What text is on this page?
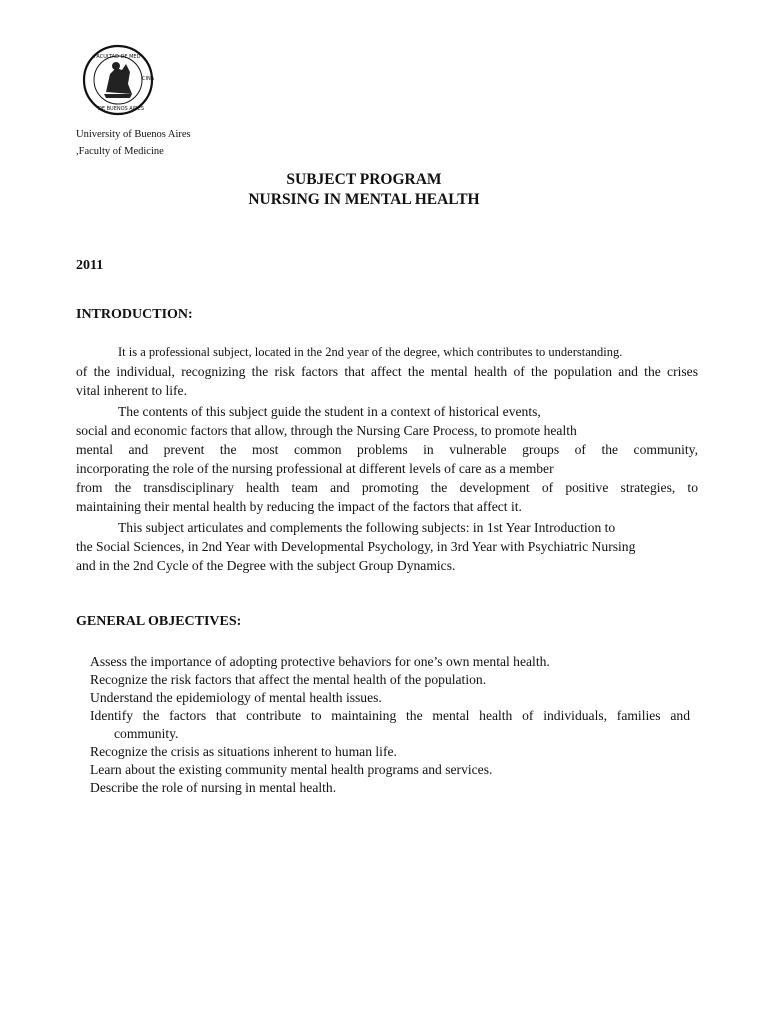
FACULTAD DE MED
DE BUENOS AIRES
CINA
University of Buenos Aires
,Faculty of Medicine
SUBJECT PROGRAM
NURSING IN MENTAL HEALTH
2011
INTRODUCTION:
It is a professional subject, located in the 2nd year of the degree, which contributes to understanding.
of the individual, recognizing the risk factors that affect the mental health of the population and the crises
vital inherent to life.
The contents of this subject guide the student in a context of historical events,
social and economic factors that allow, through the Nursing Care Process, to promote health
mental and prevent the most common problems in vulnerable groups of the community,
incorporating the role of the nursing professional at different levels of care as a member
from the transdisciplinary health team and promoting the development of positive strategies, to
maintaining their mental health by reducing the impact of the factors that affect it.
This subject articulates and complements the following subjects: in 1st Year Introduction to
the Social Sciences, in 2nd Year with Developmental Psychology, in 3rd Year with Psychiatric Nursing
and in the 2nd Cycle of the Degree with the subject Group Dynamics.
GENERAL OBJECTIVES:
Assess the importance of adopting protective behaviors for one’s own mental health.
Recognize the risk factors that affect the mental health of the population.
Understand the epidemiology of mental health issues.
Identify the factors that contribute to maintaining the mental health of individuals, families and
community.
Recognize the crisis as situations inherent to human life.
Learn about the existing community mental health programs and services.
Describe the role of nursing in mental health.
